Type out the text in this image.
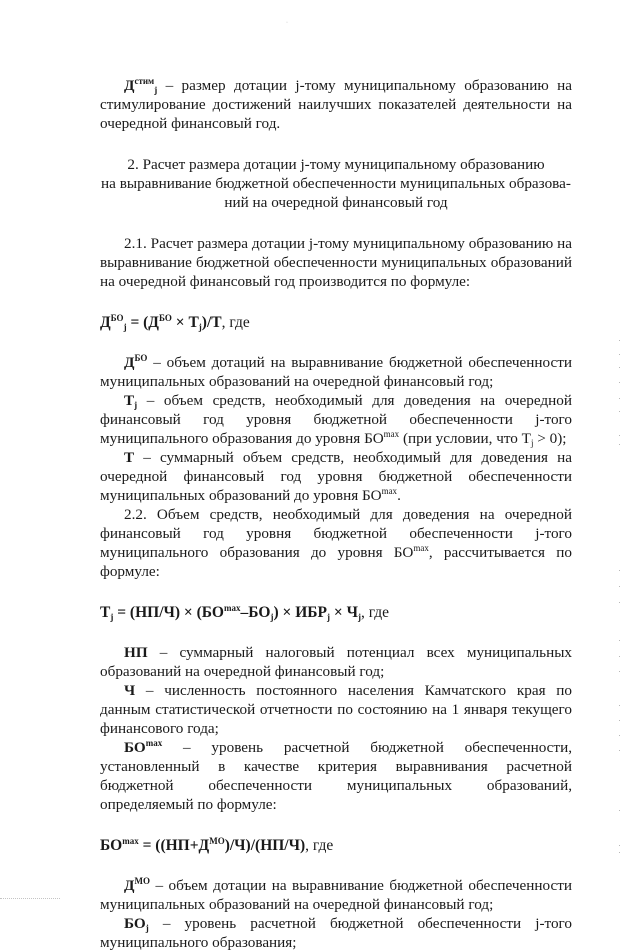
·

$Д^{стим}_j$ – размер дотации j-тому муниципальному образованию на стимулирование достижений наилучших показателей деятельности на очередной финансовый год.

2. Расчет размера дотации j-тому муниципальному образованию
на выравнивание бюджетной обеспеченности муниципальных образова-
ний на очередной финансовый год

2.1. Расчет размера дотации j-тому муниципальному образованию на выравнивание бюджетной обеспеченности муниципальных образований на очередной финансовый год производится по формуле:

$Д^{БО}_j = (Д^{БО} \times T_j)/T$, где

$Д^{БО}$ – объем дотаций на выравнивание бюджетной обеспеченности муниципальных образований на очередной финансовый год;

$T_j$ – объем средств, необходимый для доведения на очередной финансовый год уровня бюджетной обеспеченности j-того муниципального образования до уровня $БО^{max}$ (при условии, что $T_j > 0$);

T – суммарный объем средств, необходимый для доведения на очередной финансовый год уровня бюджетной обеспеченности муниципальных образований до уровня $БО^{max}$.

2.2. Объем средств, необходимый для доведения на очередной финансовый год уровня бюджетной обеспеченности j-того муниципального образования до уровня $БО^{max}$, рассчитывается по формуле:

$T_j = (НП/Ч) \times (БО^{max}-БО_j) \times ИБР_j \times Ч_j$, где

НП – суммарный налоговый потенциал всех муниципальных образований на очередной финансовый год;

Ч – численность постоянного населения Камчатского края по данным статистической отчетности по состоянию на 1 января текущего финансового года;

$БО^{max}$ – уровень расчетной бюджетной обеспеченности, установленный в качестве критерия выравнивания расчетной бюджетной обеспеченности муниципальных образований, определяемый по формуле:

$БО^{max} = ((НП+Д^{МО})/Ч)/(НП/Ч)$, где

$Д^{МО}$ – объем дотации на выравнивание бюджетной обеспеченности муниципальных образований на очередной финансовый год;

$БО_j$ – уровень расчетной бюджетной обеспеченности j-того муниципального образования;
